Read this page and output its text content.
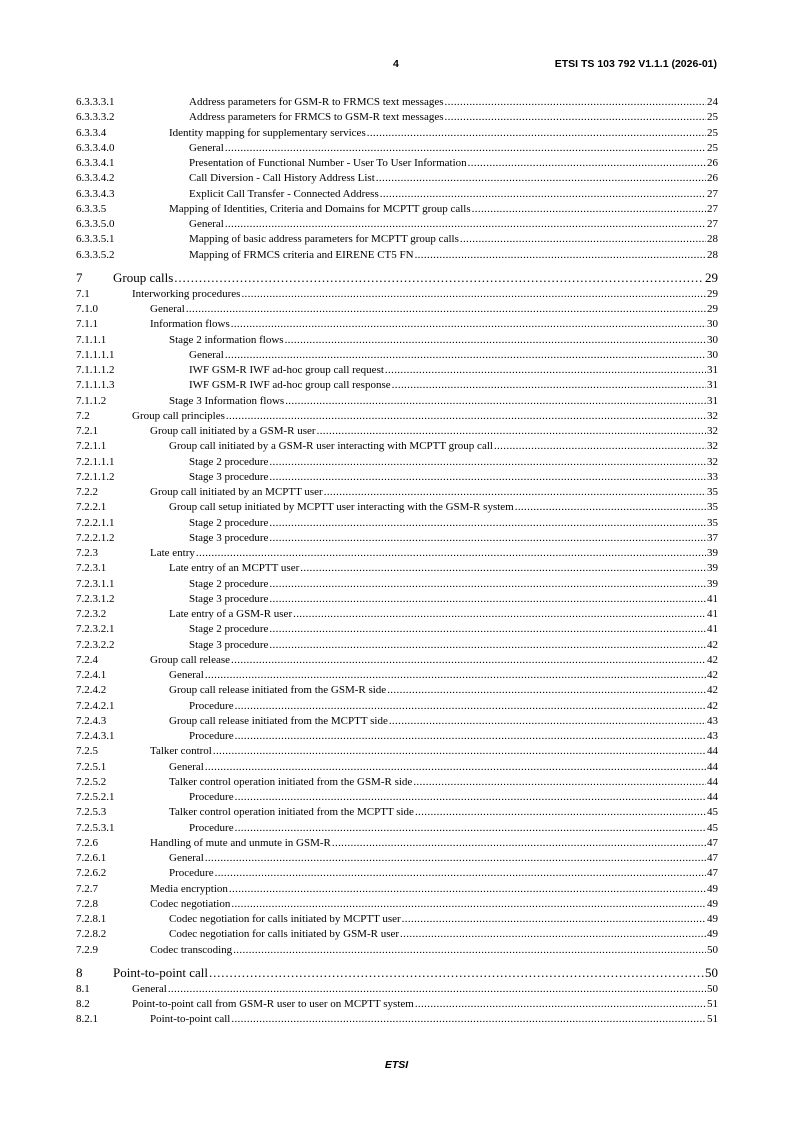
4	ETSI TS 103 792 V1.1.1 (2026-01)
6.3.3.3.1	Address parameters for GSM-R to FRMCS text messages . . .	24
6.3.3.3.2	Address parameters for FRMCS to GSM-R text messages . . .	25
6.3.3.4	Identity mapping for supplementary services . . .	25
6.3.3.4.0	General . . .	25
6.3.3.4.1	Presentation of Functional Number - User To User Information . . .	26
6.3.3.4.2	Call Diversion - Call History Address List . . .	26
6.3.3.4.3	Explicit Call Transfer - Connected Address . . .	27
6.3.3.5	Mapping of Identities, Criteria and Domains for MCPTT group calls . . .	27
6.3.3.5.0	General . . .	27
6.3.3.5.1	Mapping of basic address parameters for MCPTT group calls . . .	28
6.3.3.5.2	Mapping of FRMCS criteria and EIRENE CT5 FN . . .	28
7 Group calls . . .	29
7.1	Interworking procedures . . .	29
7.1.0	General . . .	29
7.1.1	Information flows . . .	30
7.1.1.1	Stage 2 information flows . . .	30
7.1.1.1.1	General . . .	30
7.1.1.1.2	IWF GSM-R IWF ad-hoc group call request . . .	31
7.1.1.1.3	IWF GSM-R IWF ad-hoc group call response . . .	31
7.1.1.2	Stage 3 Information flows . . .	31
7.2	Group call principles . . .	32
7.2.1	Group call initiated by a GSM-R user . . .	32
7.2.1.1	Group call initiated by a GSM-R user interacting with MCPTT group call . . .	32
7.2.1.1.1	Stage 2 procedure . . .	32
7.2.1.1.2	Stage 3 procedure . . .	33
7.2.2	Group call initiated by an MCPTT user . . .	35
7.2.2.1	Group call setup initiated by MCPTT user interacting with the GSM-R system . . .	35
7.2.2.1.1	Stage 2 procedure . . .	35
7.2.2.1.2	Stage 3 procedure . . .	37
7.2.3	Late entry . . .	39
7.2.3.1	Late entry of an MCPTT user . . .	39
7.2.3.1.1	Stage 2 procedure . . .	39
7.2.3.1.2	Stage 3 procedure . . .	41
7.2.3.2	Late entry of a GSM-R user . . .	41
7.2.3.2.1	Stage 2 procedure . . .	41
7.2.3.2.2	Stage 3 procedure . . .	42
7.2.4	Group call release . . .	42
7.2.4.1	General . . .	42
7.2.4.2	Group call release initiated from the GSM-R side . . .	42
7.2.4.2.1	Procedure . . .	42
7.2.4.3	Group call release initiated from the MCPTT side . . .	43
7.2.4.3.1	Procedure . . .	43
7.2.5	Talker control . . .	44
7.2.5.1	General . . .	44
7.2.5.2	Talker control operation initiated from the GSM-R side . . .	44
7.2.5.2.1	Procedure . . .	44
7.2.5.3	Talker control operation initiated from the MCPTT side . . .	45
7.2.5.3.1	Procedure . . .	45
7.2.6	Handling of mute and unmute in GSM-R . . .	47
7.2.6.1	General . . .	47
7.2.6.2	Procedure . . .	47
7.2.7	Media encryption . . .	49
7.2.8	Codec negotiation . . .	49
7.2.8.1	Codec negotiation for calls initiated by MCPTT user . . .	49
7.2.8.2	Codec negotiation for calls initiated by GSM-R user . . .	49
7.2.9	Codec transcoding . . .	50
8 Point-to-point call . . .	50
8.1	General . . .	50
8.2	Point-to-point call from GSM-R user to user on MCPTT system . . .	51
8.2.1	Point-to-point call . . .	51
ETSI
